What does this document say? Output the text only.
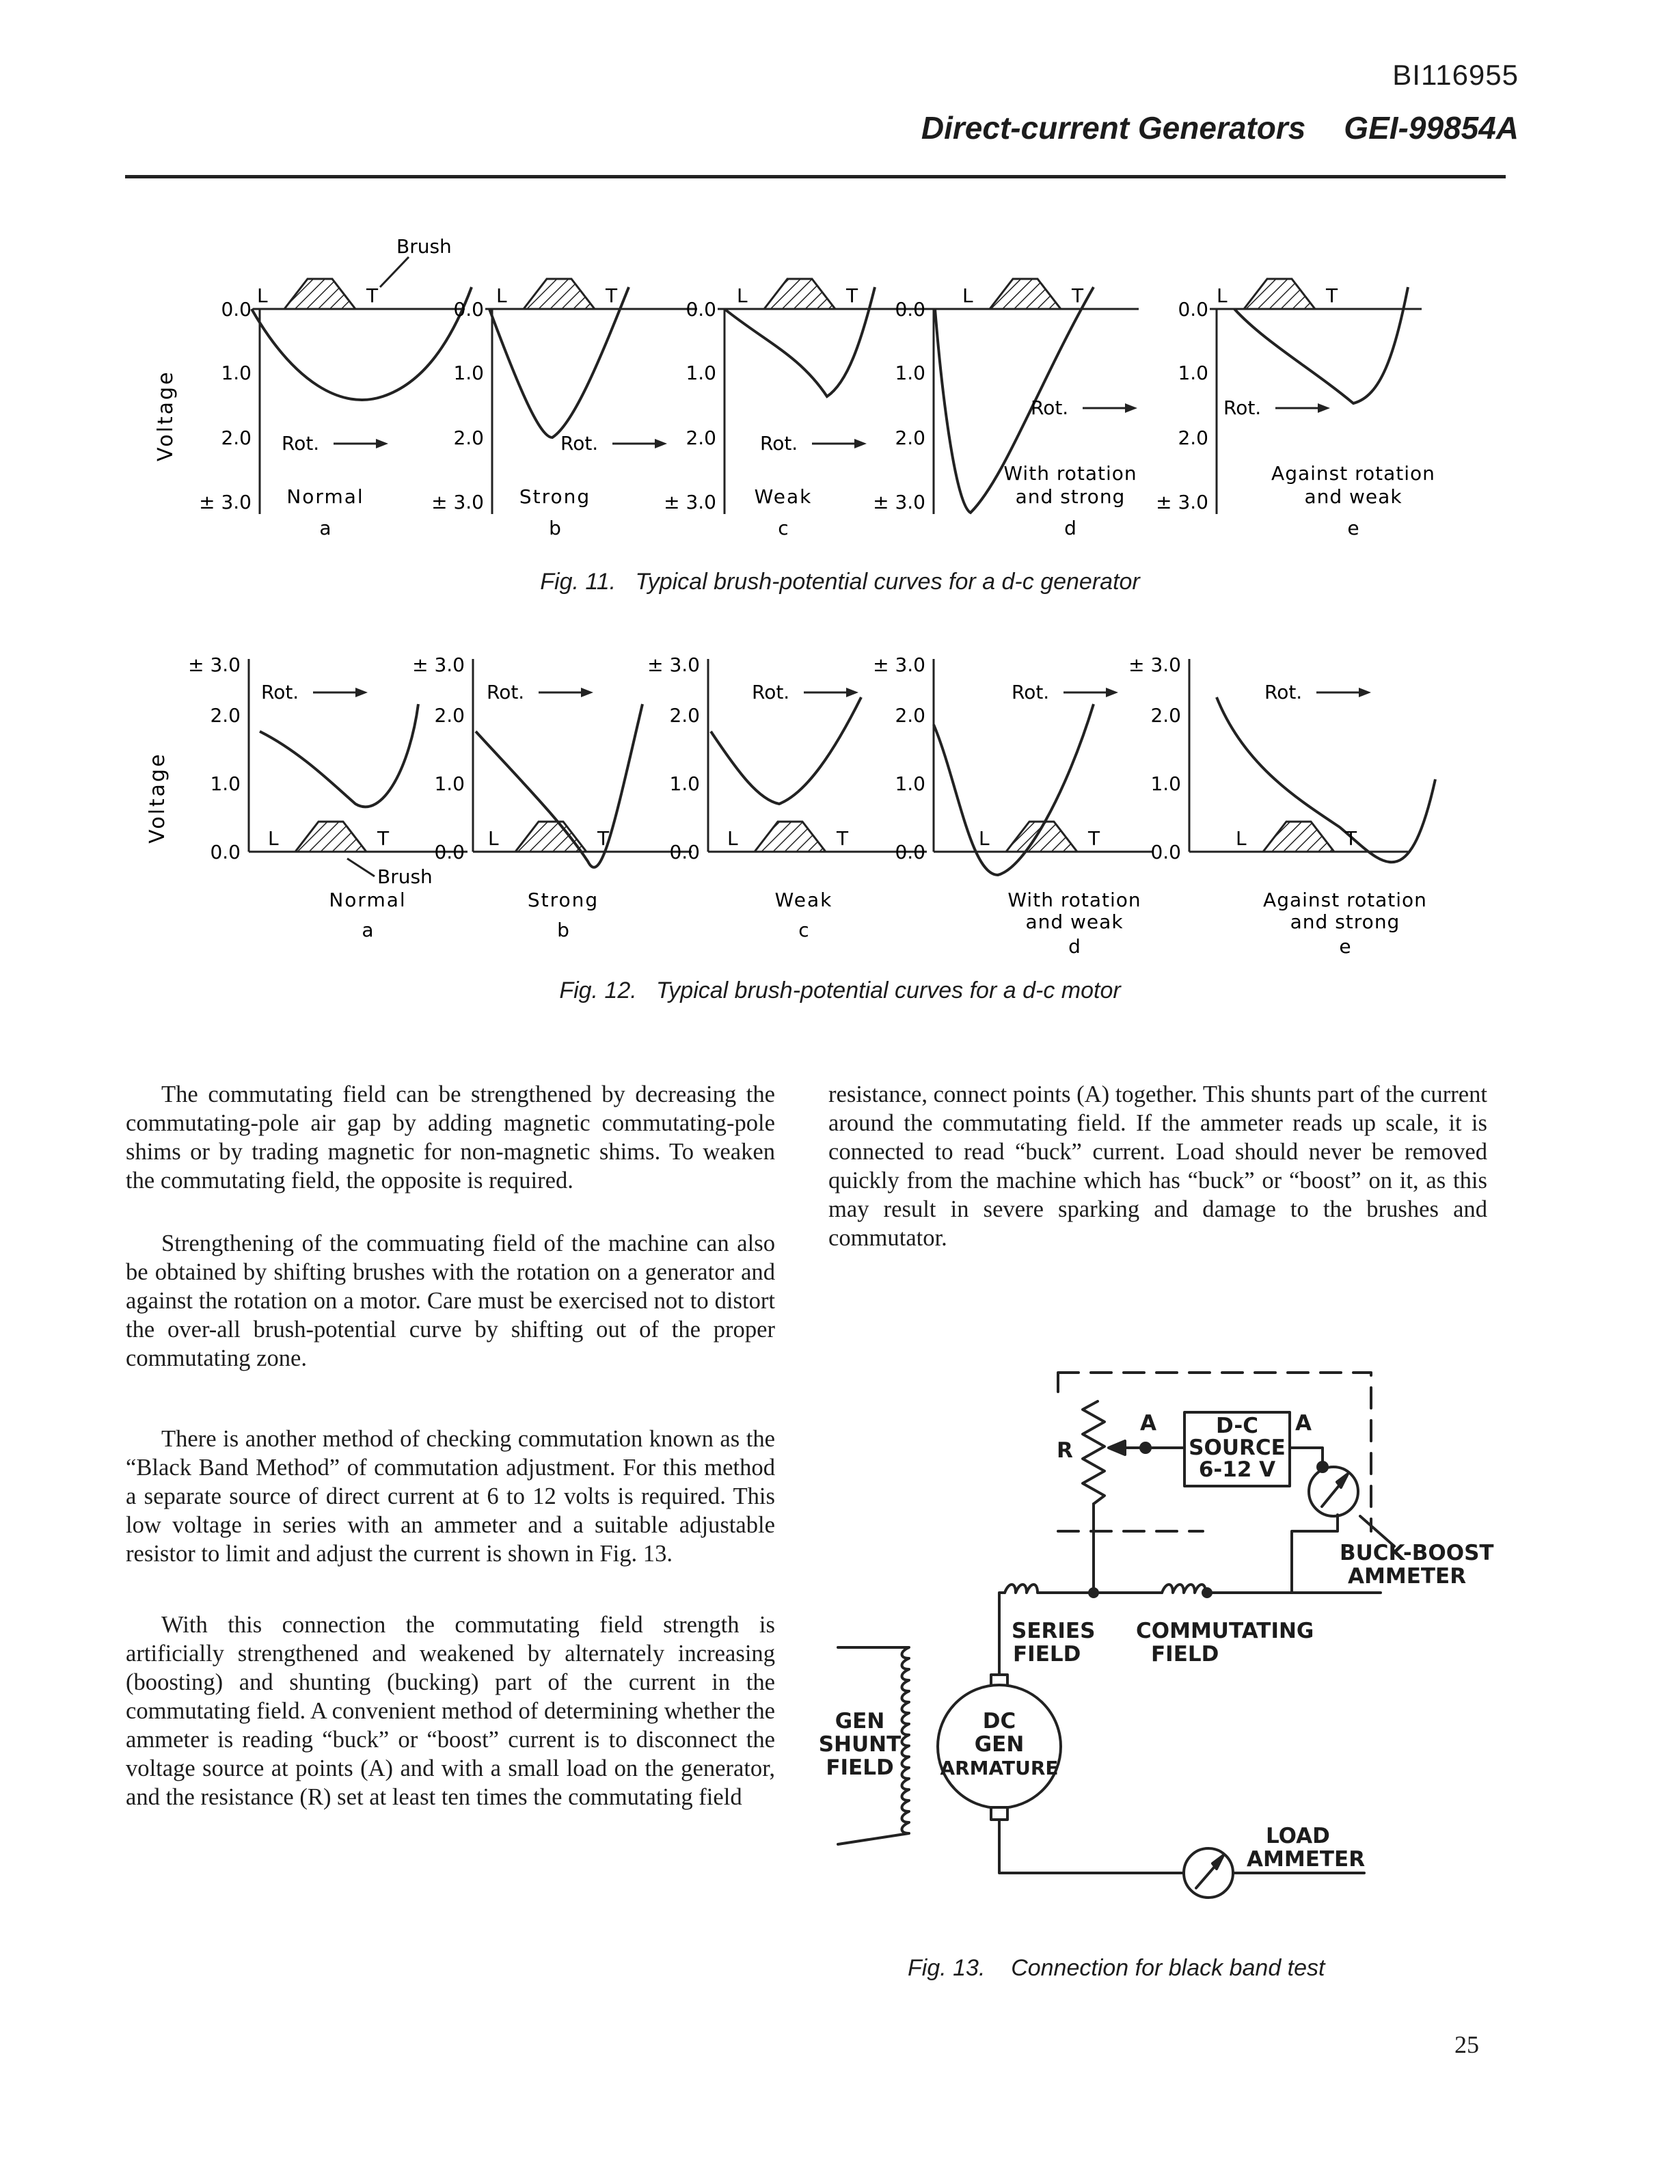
BI116955
Direct-current Generators GEI-99854A
Voltage
0.0
1.0
2.0
± 3.0
L	T
Rot.
Normal
a
0.0
1.0
2.0
± 3.0
L	T
Rot.
Strong
b
0.0
1.0
2.0
± 3.0
L	T
Rot.
Weak
c
0.0
1.0
2.0
± 3.0
L	T
Rot.
With rotation
and strong
d
0.0
1.0
2.0
± 3.0
L	T
Rot.
Against rotation
and weak
e
Brush
Fig. 11. Typical brush-potential curves for a d-c generator
Voltage
± 3.0
2.0
1.0
0.0
L	T
Rot.
Normal
a
± 3.0
2.0
1.0
0.0
L	T
Rot.
Strong
b
± 3.0
2.0
1.0
0.0
L	T
Rot.
Weak
c
± 3.0
2.0
1.0
0.0
L	T
Rot.
With rotation
and weak
d
± 3.0
2.0
1.0
0.0
L	T
Rot.
Against rotation
and strong
e
Brush
Fig. 12. Typical brush-potential curves for a d-c motor

The commutating field can be strengthened by decreasing the commutating-pole air gap by adding magnetic commutating-pole shims or by trading magnetic for non-magnetic shims. To weaken the commutating field, the opposite is required.

Strengthening of the commuating field of the machine can also be obtained by shifting brushes with the rotation on a generator and against the rotation on a motor. Care must be exercised not to distort the over-all brush-potential curve by shifting out of the proper commutating zone.

There is another method of checking commutation known as the “Black Band Method” of commutation adjustment. For this method a separate source of direct current at 6 to 12 volts is required. This low voltage in series with an ammeter and a suitable adjustable resistor to limit and adjust the current is shown in Fig. 13.

With this connection the commutating field strength is artificially strengthened and weakened by alternately increasing (boosting) and shunting (bucking) part of the current in the commutating field. A convenient method of determining whether the ammeter is reading “buck” or “boost” current is to disconnect the voltage source at points (A) and with a small load on the generator, and the resistance (R) set at least ten times the commutating field

resistance, connect points (A) together. This shunts part of the current around the commutating field. If the ammeter reads up scale, it is connected to read “buck” current. Load should never be removed quickly from the machine which has “buck” or “boost” on it, as this may result in severe sparking and damage to the brushes and commutator.

R
A	A
D-C
SOURCE
6-12 V
BUCK-BOOST
AMMETER
SERIES
FIELD
COMMUTATING
FIELD
GEN
SHUNT
FIELD
DC
GEN
ARMATURE
LOAD
AMMETER
Fig. 13. Connection for black band test
25
